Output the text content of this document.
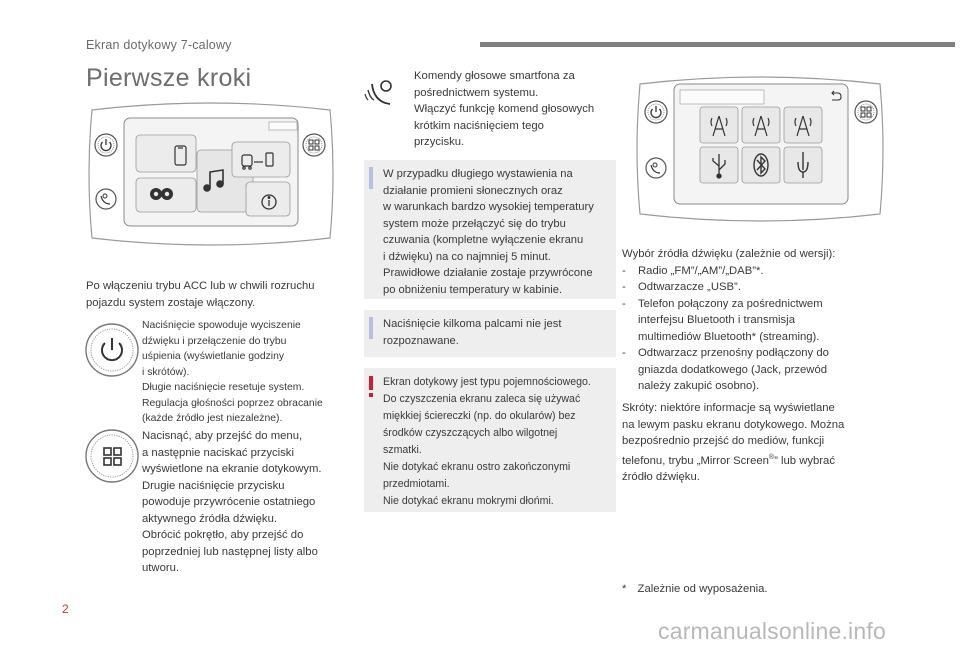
Ekran dotykowy 7-calowy
Pierwsze kroki
Po włączeniu trybu ACC lub w chwili rozruchu
pojazdu system zostaje włączony.
Naciśnięcie spowoduje wyciszenie
dźwięku i przełączenie do trybu
uśpienia (wyświetlanie godziny
i skrótów).
Długie naciśnięcie resetuje system.
Regulacja głośności poprzez obracanie
(każde źródło jest niezależne).
Nacisnąć, aby przejść do menu,
a następnie naciskać przyciski
wyświetlone na ekranie dotykowym.
Drugie naciśnięcie przycisku
powoduje przywrócenie ostatniego
aktywnego źródła dźwięku.
Obrócić pokrętło, aby przejść do
poprzedniej lub następnej listy albo
utworu.
Komendy głosowe smartfona za
pośrednictwem systemu.
Włączyć funkcję komend głosowych
krótkim naciśnięciem tego
przycisku.
W przypadku długiego wystawienia na
działanie promieni słonecznych oraz
w warunkach bardzo wysokiej temperatury
system może przełączyć się do trybu
czuwania (kompletne wyłączenie ekranu
i dźwięku) na co najmniej 5 minut.
Prawidłowe działanie zostaje przywrócone
po obniżeniu temperatury w kabinie.
Naciśnięcie kilkoma palcami nie jest
rozpoznawane.
Ekran dotykowy jest typu pojemnościowego.
Do czyszczenia ekranu zaleca się używać
miękkiej ściereczki (np. do okularów) bez
środków czyszczących albo wilgotnej
szmatki.
Nie dotykać ekranu ostro zakończonymi
przedmiotami.
Nie dotykać ekranu mokrymi dłońmi.
Wybór źródła dźwięku (zależnie od wersji):
- Radio „FM”/„AM”/„DAB”*.
- Odtwarzacze „USB”.
- Telefon połączony za pośrednictwem
interfejsu Bluetooth i transmisja
multimediów Bluetooth* (streaming).
- Odtwarzacz przenośny podłączony do
gniazda dodatkowego (Jack, przewód
należy zakupić osobno).
Skróty: niektóre informacje są wyświetlane
na lewym pasku ekranu dotykowego. Można
bezpośrednio przejść do mediów, funkcji
telefonu, trybu „Mirror Screen®” lub wybrać
źródło dźwięku.
* Zależnie od wyposażenia.
2
carmanualsonline.info
